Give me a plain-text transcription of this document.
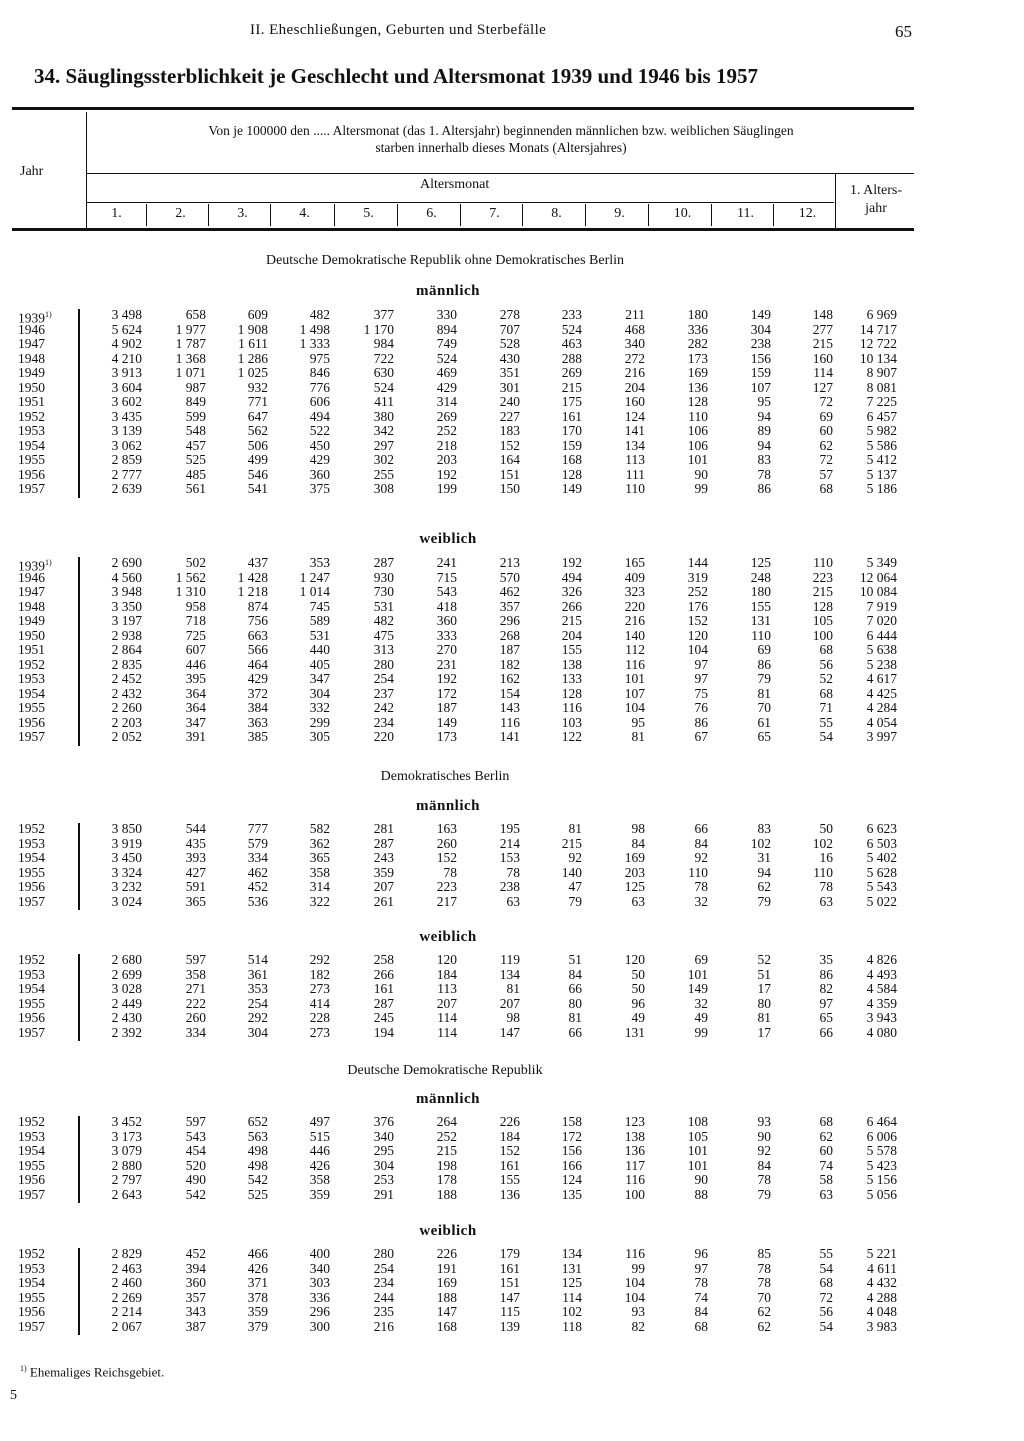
II. Eheschließungen, Geburten und Sterbefälle	65
34. Säuglingssterblichkeit je Geschlecht und Altersmonat 1939 und 1946 bis 1957
Jahr
Von je 100000 den ..... Altersmonat (das 1. Altersjahr) beginnenden männlichen bzw. weiblichen Säuglingen
starben innerhalb dieses Monats (Altersjahres)
Altersmonat	1. Alters-
jahr
1.	2.	3.	4.	5.	6.	7.	8.	9.	10.	11.	12.
Deutsche Demokratische Republik ohne Demokratisches Berlin
männlich
1939$^{1)}$	3 498	658	609	482	377	330	278	233	211	180	149	148	6 969
1946	5 624	1 977	1 908	1 498	1 170	894	707	524	468	336	304	277	14 717
1947	4 902	1 787	1 611	1 333	984	749	528	463	340	282	238	215	12 722
1948	4 210	1 368	1 286	975	722	524	430	288	272	173	156	160	10 134
1949	3 913	1 071	1 025	846	630	469	351	269	216	169	159	114	8 907
1950	3 604	987	932	776	524	429	301	215	204	136	107	127	8 081
1951	3 602	849	771	606	411	314	240	175	160	128	95	72	7 225
1952	3 435	599	647	494	380	269	227	161	124	110	94	69	6 457
1953	3 139	548	562	522	342	252	183	170	141	106	89	60	5 982
1954	3 062	457	506	450	297	218	152	159	134	106	94	62	5 586
1955	2 859	525	499	429	302	203	164	168	113	101	83	72	5 412
1956	2 777	485	546	360	255	192	151	128	111	90	78	57	5 137
1957	2 639	561	541	375	308	199	150	149	110	99	86	68	5 186
weiblich
1939$^{1)}$	2 690	502	437	353	287	241	213	192	165	144	125	110	5 349
1946	4 560	1 562	1 428	1 247	930	715	570	494	409	319	248	223	12 064
1947	3 948	1 310	1 218	1 014	730	543	462	326	323	252	180	215	10 084
1948	3 350	958	874	745	531	418	357	266	220	176	155	128	7 919
1949	3 197	718	756	589	482	360	296	215	216	152	131	105	7 020
1950	2 938	725	663	531	475	333	268	204	140	120	110	100	6 444
1951	2 864	607	566	440	313	270	187	155	112	104	69	68	5 638
1952	2 835	446	464	405	280	231	182	138	116	97	86	56	5 238
1953	2 452	395	429	347	254	192	162	133	101	97	79	52	4 617
1954	2 432	364	372	304	237	172	154	128	107	75	81	68	4 425
1955	2 260	364	384	332	242	187	143	116	104	76	70	71	4 284
1956	2 203	347	363	299	234	149	116	103	95	86	61	55	4 054
1957	2 052	391	385	305	220	173	141	122	81	67	65	54	3 997
Demokratisches Berlin
männlich
1952	3 850	544	777	582	281	163	195	81	98	66	83	50	6 623
1953	3 919	435	579	362	287	260	214	215	84	84	102	102	6 503
1954	3 450	393	334	365	243	152	153	92	169	92	31	16	5 402
1955	3 324	427	462	358	359	78	78	140	203	110	94	110	5 628
1956	3 232	591	452	314	207	223	238	47	125	78	62	78	5 543
1957	3 024	365	536	322	261	217	63	79	63	32	79	63	5 022
weiblich
1952	2 680	597	514	292	258	120	119	51	120	69	52	35	4 826
1953	2 699	358	361	182	266	184	134	84	50	101	51	86	4 493
1954	3 028	271	353	273	161	113	81	66	50	149	17	82	4 584
1955	2 449	222	254	414	287	207	207	80	96	32	80	97	4 359
1956	2 430	260	292	228	245	114	98	81	49	49	81	65	3 943
1957	2 392	334	304	273	194	114	147	66	131	99	17	66	4 080
Deutsche Demokratische Republik
männlich
1952	3 452	597	652	497	376	264	226	158	123	108	93	68	6 464
1953	3 173	543	563	515	340	252	184	172	138	105	90	62	6 006
1954	3 079	454	498	446	295	215	152	156	136	101	92	60	5 578
1955	2 880	520	498	426	304	198	161	166	117	101	84	74	5 423
1956	2 797	490	542	358	253	178	155	124	116	90	78	58	5 156
1957	2 643	542	525	359	291	188	136	135	100	88	79	63	5 056
weiblich
1952	2 829	452	466	400	280	226	179	134	116	96	85	55	5 221
1953	2 463	394	426	340	254	191	161	131	99	97	78	54	4 611
1954	2 460	360	371	303	234	169	151	125	104	78	78	68	4 432
1955	2 269	357	378	336	244	188	147	114	104	74	70	72	4 288
1956	2 214	343	359	296	235	147	115	102	93	84	62	56	4 048
1957	2 067	387	379	300	216	168	139	118	82	68	62	54	3 983
$^{1)}$ Ehemaliges Reichsgebiet.
5
